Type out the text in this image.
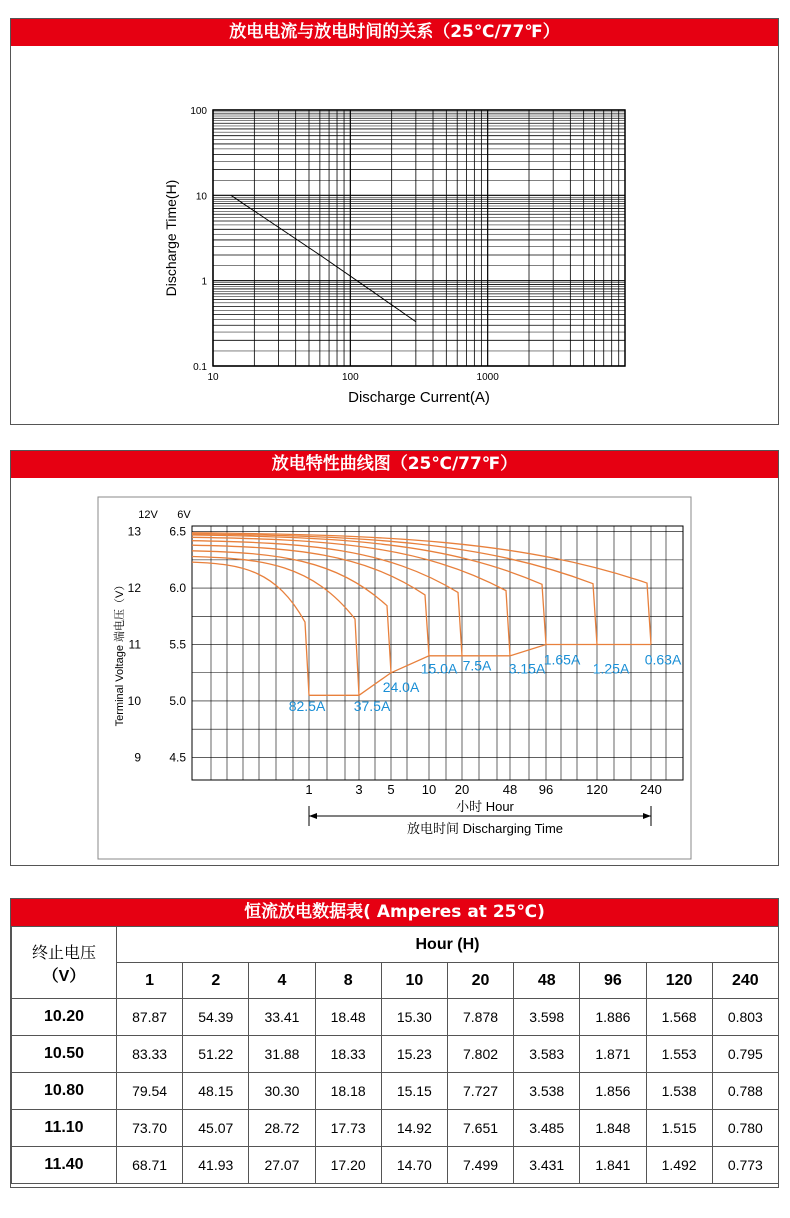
放电电流与放电时间的关系（25℃/77℉）
100
10
1
0.1
10	100	1000
Discharge Current(A)
Discharge Time(H)
放电特性曲线图（25℃/77℉）
12V 6V
13 6.5
12 6.0
11 5.5
10 5.0
9 4.5
Terminal Voltage 端电压（V）
1	3 5 10 20	48 96	120 240
小时 Hour
放电时间 Discharging Time
82.5A 37.5A
24.0A
15.0A 7.5A 3.15A
1.65A
1.25A
0.63A
恒流放电数据表( Amperes at 25℃)
终止电压
（V）	Hour (H)									
	1	2	4	8	10	20	48	96	120	240
10.20	87.87	54.39	33.41	18.48	15.30	7.878	3.598	1.886	1.568	0.803
10.50	83.33	51.22	31.88	18.33	15.23	7.802	3.583	1.871	1.553	0.795
10.80	79.54	48.15	30.30	18.18	15.15	7.727	3.538	1.856	1.538	0.788
11.10	73.70	45.07	28.72	17.73	14.92	7.651	3.485	1.848	1.515	0.780
11.40	68.71	41.93	27.07	17.20	14.70	7.499	3.431	1.841	1.492	0.773
